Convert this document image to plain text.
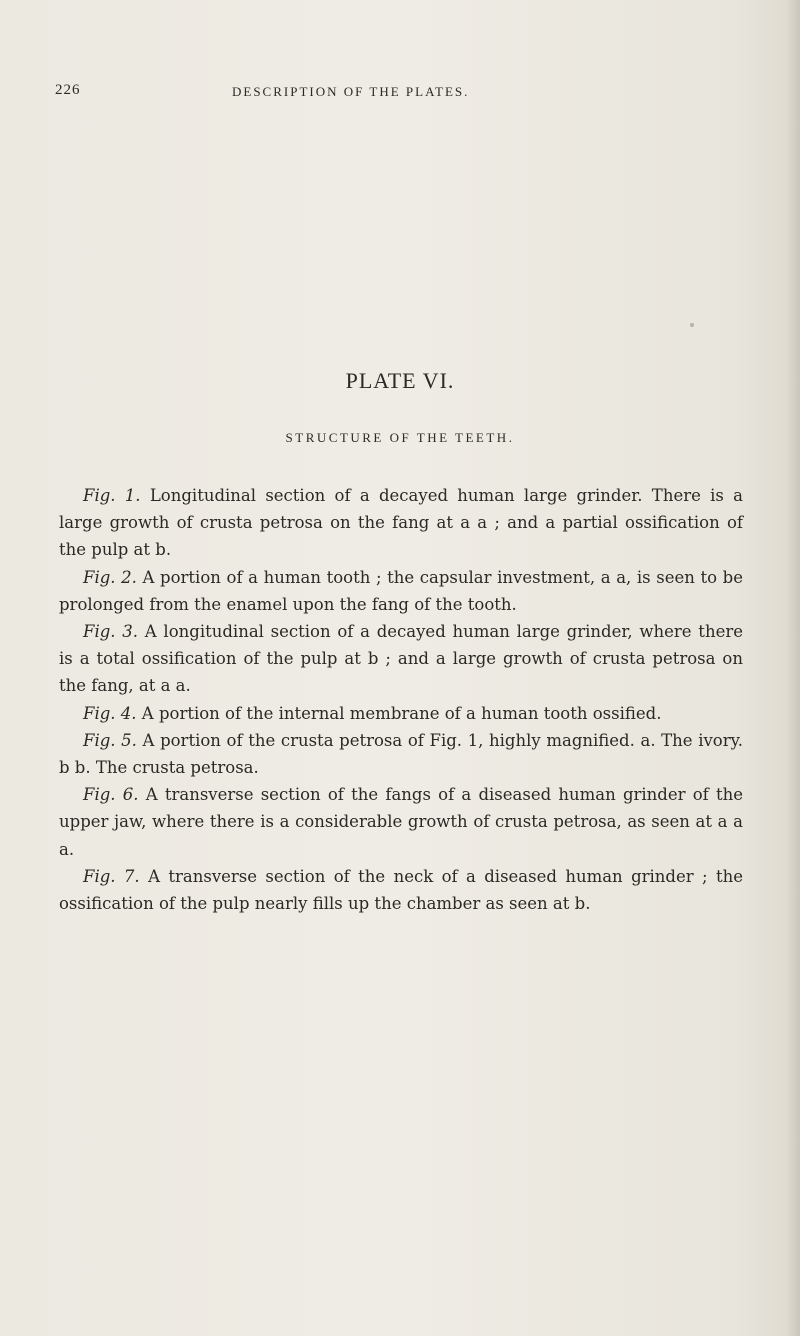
226	DESCRIPTION OF THE PLATES.
PLATE VI.
STRUCTURE OF THE TEETH.

Fig. 1. Longitudinal section of a decayed human large grinder. There is a large growth of crusta petrosa on the fang at a a ; and a partial ossification of the pulp at b.

Fig. 2. A portion of a human tooth ; the capsular investment, a a, is seen to be prolonged from the enamel upon the fang of the tooth.

Fig. 3. A longitudinal section of a decayed human large grinder, where there is a total ossification of the pulp at b ; and a large growth of crusta petrosa on the fang, at a a.

Fig. 4. A portion of the internal membrane of a human tooth ossified.

Fig. 5. A portion of the crusta petrosa of Fig. 1, highly magnified. a. The ivory. b b. The crusta petrosa.

Fig. 6. A transverse section of the fangs of a diseased human grinder of the upper jaw, where there is a considerable growth of crusta petrosa, as seen at a a a.

Fig. 7. A transverse section of the neck of a diseased human grinder ; the ossification of the pulp nearly fills up the chamber as seen at b.
